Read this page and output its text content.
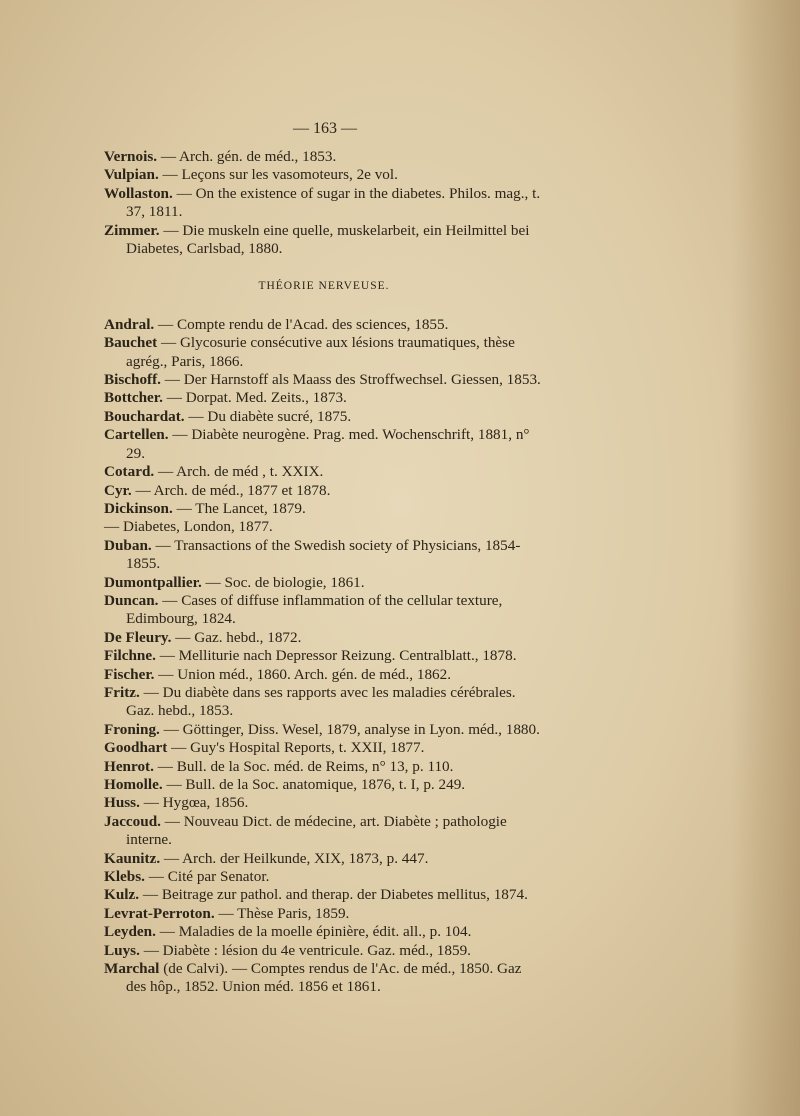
— 163 —

Vernois. — Arch. gén. de méd., 1853.

Vulpian. — Leçons sur les vasomoteurs, 2e vol.

Wollaston. — On the existence of sugar in the diabetes. Philos. mag., t. 37, 1811.

Zimmer. — Die muskeln eine quelle, muskelarbeit, ein Heilmittel bei Diabetes, Carlsbad, 1880.

THÉORIE NERVEUSE.

Andral. — Compte rendu de l'Acad. des sciences, 1855.

Bauchet — Glycosurie consécutive aux lésions traumatiques, thèse agrég., Paris, 1866.

Bischoff. — Der Harnstoff als Maass des Stroffwechsel. Giessen, 1853.

Bottcher. — Dorpat. Med. Zeits., 1873.

Bouchardat. — Du diabète sucré, 1875.

Cartellen. — Diabète neurogène. Prag. med. Wochenschrift, 1881, n° 29.

Cotard. — Arch. de méd , t. XXIX.

Cyr. — Arch. de méd., 1877 et 1878.

Dickinson. — The Lancet, 1879.

— Diabetes, London, 1877.

Duban. — Transactions of the Swedish society of Physicians, 1854-1855.

Dumontpallier. — Soc. de biologie, 1861.

Duncan. — Cases of diffuse inflammation of the cellular texture, Edimbourg, 1824.

De Fleury. — Gaz. hebd., 1872.

Filchne. — Melliturie nach Depressor Reizung. Centralblatt., 1878.

Fischer. — Union méd., 1860. Arch. gén. de méd., 1862.

Fritz. — Du diabète dans ses rapports avec les maladies cérébrales. Gaz. hebd., 1853.

Froning. — Göttinger, Diss. Wesel, 1879, analyse in Lyon. méd., 1880.

Goodhart — Guy's Hospital Reports, t. XXII, 1877.

Henrot. — Bull. de la Soc. méd. de Reims, n° 13, p. 110.

Homolle. — Bull. de la Soc. anatomique, 1876, t. I, p. 249.

Huss. — Hygœa, 1856.

Jaccoud. — Nouveau Dict. de médecine, art. Diabète ; pathologie interne.

Kaunitz. — Arch. der Heilkunde, XIX, 1873, p. 447.

Klebs. — Cité par Senator.

Kulz. — Beitrage zur pathol. and therap. der Diabetes mellitus, 1874.

Levrat-Perroton. — Thèse Paris, 1859.

Leyden. — Maladies de la moelle épinière, édit. all., p. 104.

Luys. — Diabète : lésion du 4e ventricule. Gaz. méd., 1859.

Marchal (de Calvi). — Comptes rendus de l'Ac. de méd., 1850. Gaz des hôp., 1852. Union méd. 1856 et 1861.
